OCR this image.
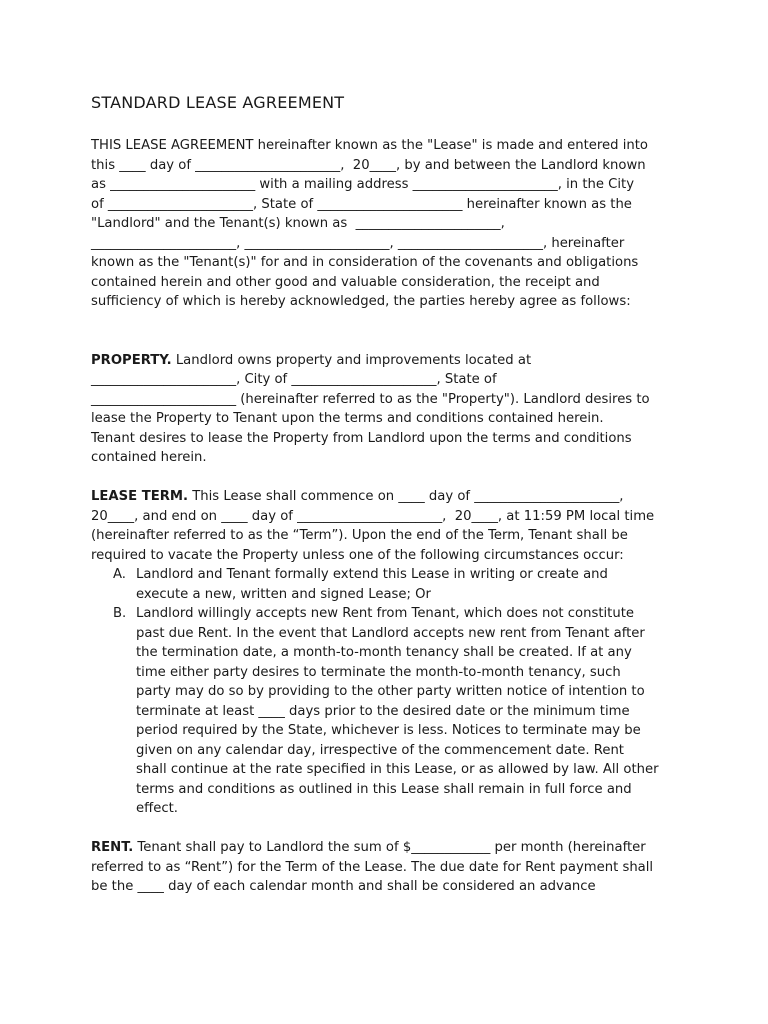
STANDARD LEASE AGREEMENT
THIS LEASE AGREEMENT hereinafter known as the "Lease" is made and entered into
this ____ day of ______________________,  20____, by and between the Landlord known
as ______________________ with a mailing address ______________________, in the City
of ______________________, State of ______________________ hereinafter known as the
"Landlord" and the Tenant(s) known as  ______________________,
______________________, ______________________, ______________________, hereinafter
known as the "Tenant(s)" for and in consideration of the covenants and obligations
contained herein and other good and valuable consideration, the receipt and
sufficiency of which is hereby acknowledged, the parties hereby agree as follows:
PROPERTY. Landlord owns property and improvements located at
______________________, City of ______________________, State of
______________________ (hereinafter referred to as the "Property"). Landlord desires to
lease the Property to Tenant upon the terms and conditions contained herein.
Tenant desires to lease the Property from Landlord upon the terms and conditions
contained herein.
LEASE TERM. This Lease shall commence on ____ day of ______________________,
20____, and end on ____ day of ______________________,  20____, at 11:59 PM local time
(hereinafter referred to as the “Term”). Upon the end of the Term, Tenant shall be
required to vacate the Property unless one of the following circumstances occur:
A. Landlord and Tenant formally extend this Lease in writing or create and
execute a new, written and signed Lease; Or
B. Landlord willingly accepts new Rent from Tenant, which does not constitute
past due Rent. In the event that Landlord accepts new rent from Tenant after
the termination date, a month-to-month tenancy shall be created. If at any
time either party desires to terminate the month-to-month tenancy, such
party may do so by providing to the other party written notice of intention to
terminate at least ____ days prior to the desired date or the minimum time
period required by the State, whichever is less. Notices to terminate may be
given on any calendar day, irrespective of the commencement date. Rent
shall continue at the rate specified in this Lease, or as allowed by law. All other
terms and conditions as outlined in this Lease shall remain in full force and
effect.
RENT. Tenant shall pay to Landlord the sum of $____________ per month (hereinafter
referred to as “Rent”) for the Term of the Lease. The due date for Rent payment shall
be the ____ day of each calendar month and shall be considered an advance
